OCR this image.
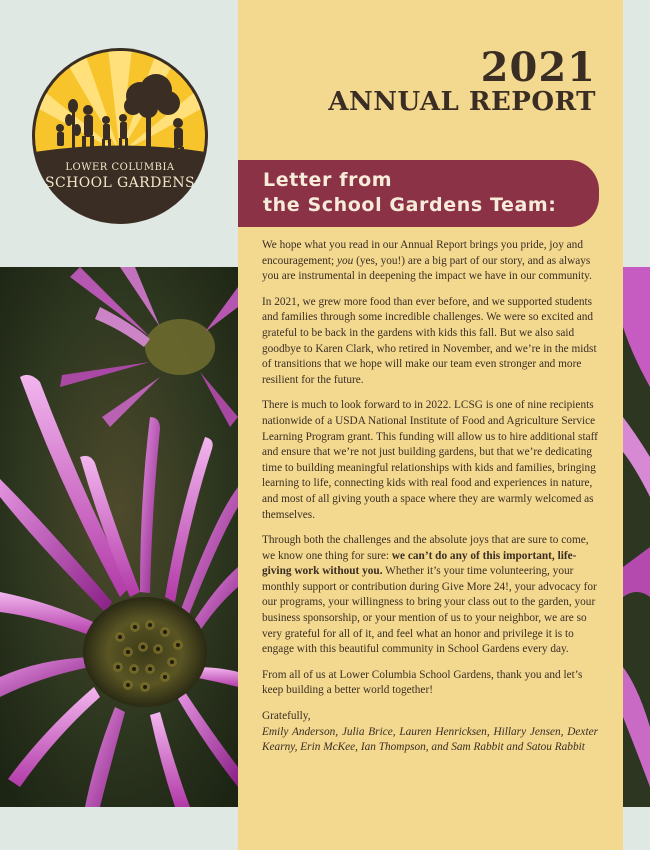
LOWER COLUMBIA
SCHOOL GARDENS
2021
ANNUAL REPORT
Letter from
the School Gardens Team:

We hope what you read in our Annual Report brings you pride, joy and encouragement; you (yes, you!) are a big part of our story, and as always you are instrumental in deepening the impact we have in our community.

In 2021, we grew more food than ever before, and we supported students and families through some incredible challenges. We were so excited and grateful to be back in the gardens with kids this fall. But we also said goodbye to Karen Clark, who retired in November, and we’re in the midst of transitions that we hope will make our team even stronger and more resilient for the future.

There is much to look forward to in 2022. LCSG is one of nine recipients nationwide of a USDA National Institute of Food and Agriculture Service Learning Program grant. This funding will allow us to hire additional staff and ensure that we’re not just building gardens, but that we’re dedicating time to building meaningful relationships with kids and families, bringing learning to life, connecting kids with real food and experiences in nature, and most of all giving youth a space where they are warmly welcomed as themselves.

Through both the challenges and the absolute joys that are sure to come, we know one thing for sure: we can’t do any of this important, life-giving work without you. Whether it’s your time volunteering, your monthly support or contribution during Give More 24!, your advocacy for our programs, your willingness to bring your class out to the garden, your business sponsorship, or your mention of us to your neighbor, we are so very grateful for all of it, and feel what an honor and privilege it is to engage with this beautiful community in School Gardens every day.

From all of us at Lower Columbia School Gardens, thank you and let’s keep building a better world together!

Gratefully,

Emily Anderson, Julia Brice, Lauren Henricksen, Hillary Jensen, Dexter Kearny, Erin McKee, Ian Thompson, and Sam Rabbit and Satou Rabbit
